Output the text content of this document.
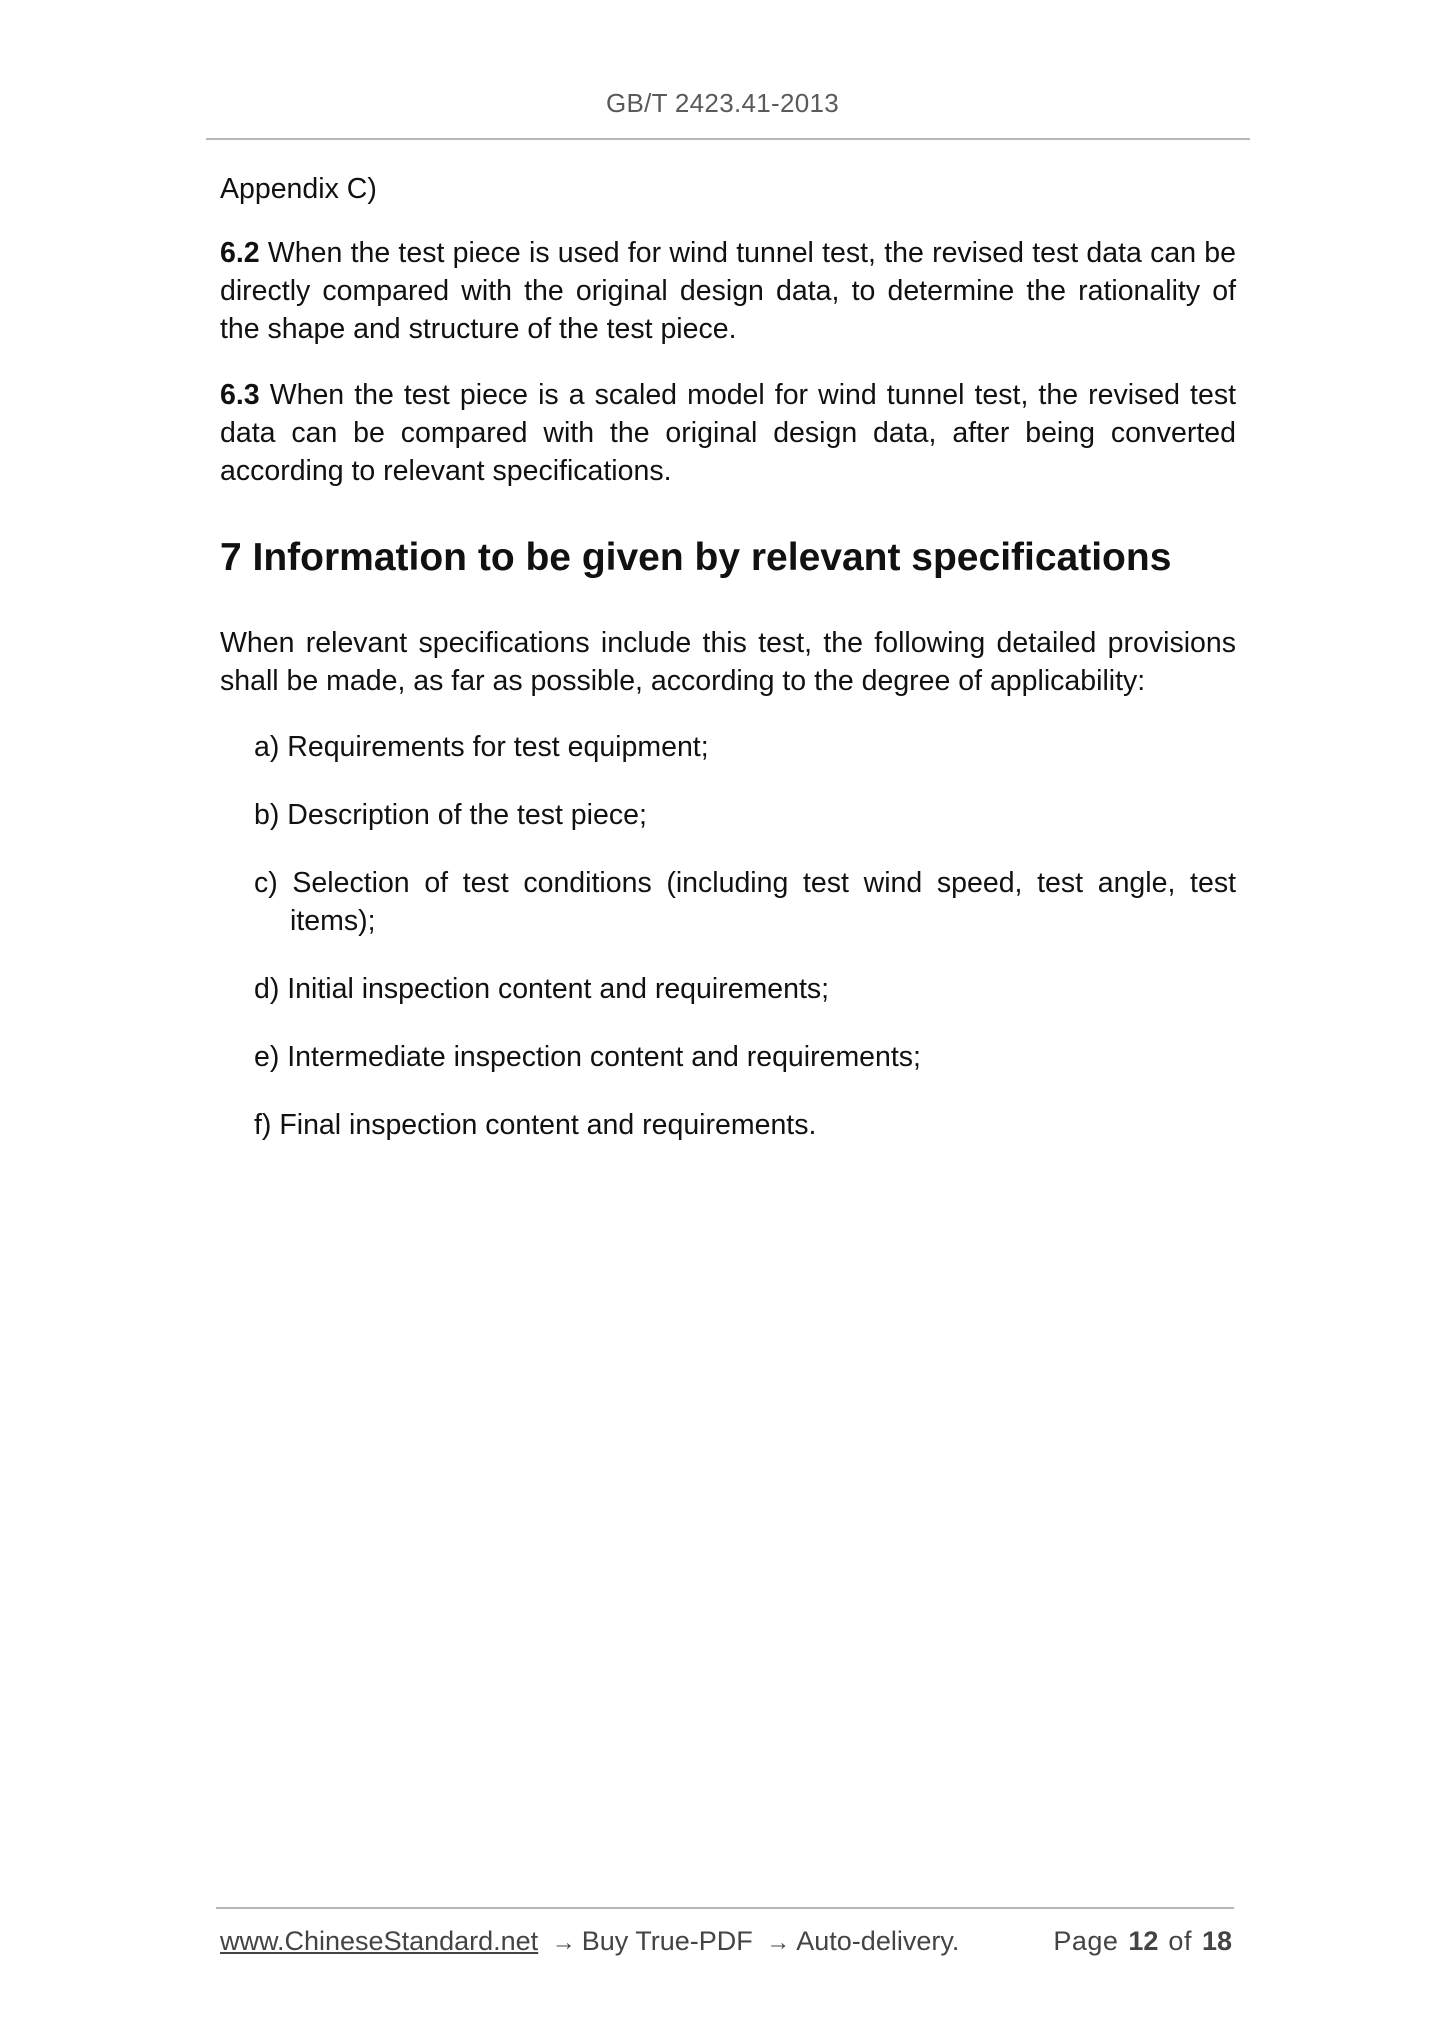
GB/T 2423.41-2013

Appendix C)

6.2 When the test piece is used for wind tunnel test, the revised test data can be directly compared with the original design data, to determine the rationality of the shape and structure of the test piece.

6.3 When the test piece is a scaled model for wind tunnel test, the revised test data can be compared with the original design data, after being converted according to relevant specifications.

7 Information to be given by relevant specifications

When relevant specifications include this test, the following detailed provisions shall be made, as far as possible, according to the degree of applicability:

a) Requirements for test equipment;
b) Description of the test piece;
c) Selection of test conditions (including test wind speed, test angle, test items);
d) Initial inspection content and requirements;
e) Intermediate inspection content and requirements;
f) Final inspection content and requirements.
www.ChineseStandard.net → Buy True-PDF → Auto-delivery.	Page 12 of 18
